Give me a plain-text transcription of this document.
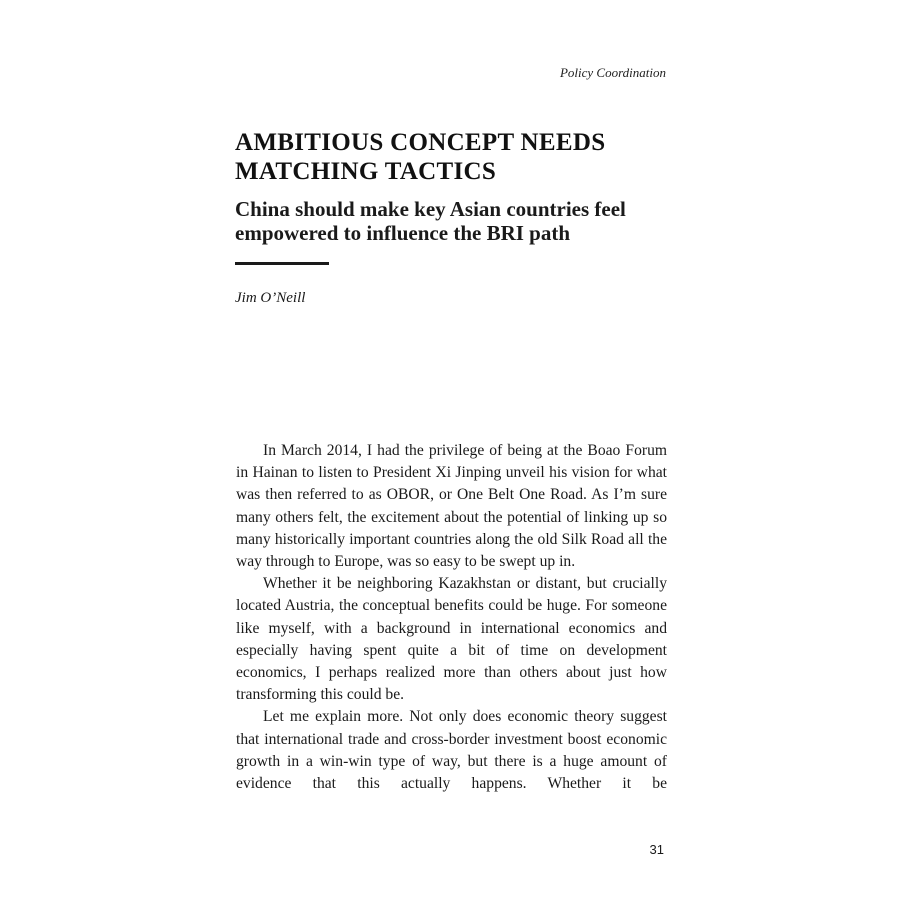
Policy Coordination
AMBITIOUS CONCEPT NEEDS MATCHING TACTICS
China should make key Asian countries feel empowered to influence the BRI path
Jim O’Neill

In March 2014, I had the privilege of being at the Boao Forum in Hainan to listen to President Xi Jinping unveil his vision for what was then referred to as OBOR, or One Belt One Road. As I’m sure many others felt, the excitement about the potential of linking up so many historically important countries along the old Silk Road all the way through to Europe, was so easy to be swept up in.

Whether it be neighboring Kazakhstan or distant, but crucially located Austria, the conceptual benefits could be huge. For someone like myself, with a background in international economics and especially having spent quite a bit of time on development economics, I perhaps realized more than others about just how transforming this could be.

Let me explain more. Not only does economic theory suggest that international trade and cross-border investment boost economic growth in a win-win type of way, but there is a huge amount of evidence that this actually happens. Whether it be

31
